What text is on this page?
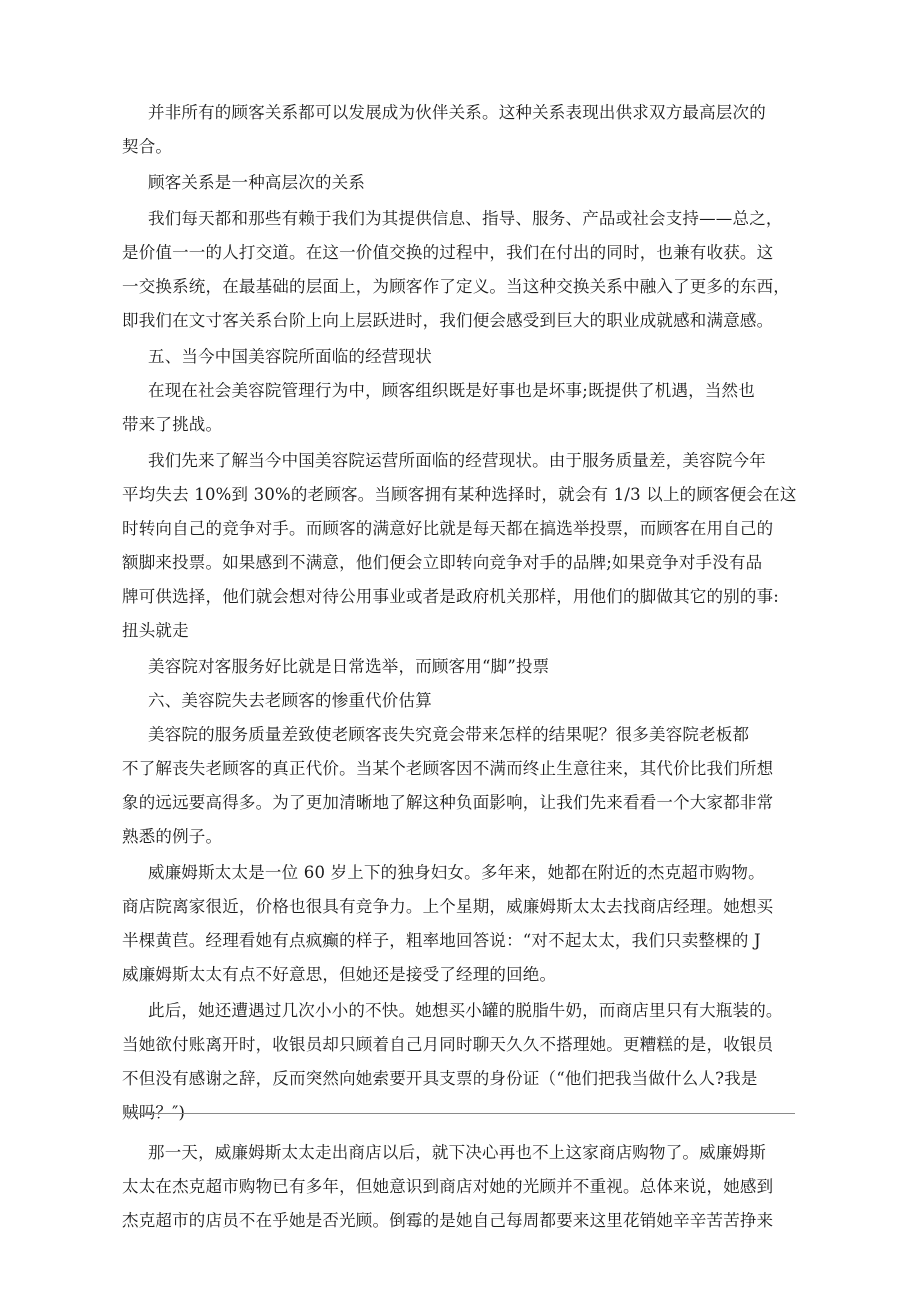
并非所有的顾客关系都可以发展成为伙伴关系。这种关系表现出供求双方最高层次的
契合。
顾客关系是一种高层次的关系
我们每天都和那些有赖于我们为其提供信息、指导、服务、产品或社会支持——总之，
是价值一一的人打交道。在这一价值交换的过程中，我们在付出的同时，也兼有收获。这
一交换系统，在最基础的层面上，为顾客作了定义。当这种交换关系中融入了更多的东西，
即我们在文寸客关系台阶上向上层跃进时，我们便会感受到巨大的职业成就感和满意感。
五、当今中国美容院所面临的经营现状
在现在社会美容院管理行为中，顾客组织既是好事也是坏事;既提供了机遇，当然也
带来了挑战。
我们先来了解当今中国美容院运营所面临的经营现状。由于服务质量差，美容院今年
平均失去 10%到 30%的老顾客。当顾客拥有某种选择时，就会有 1/3 以上的顾客便会在这
时转向自己的竞争对手。而顾客的满意好比就是每天都在搞选举投票，而顾客在用自己的
额脚来投票。如果感到不满意，他们便会立即转向竞争对手的品牌;如果竞争对手没有品
牌可供选择，他们就会想对待公用事业或者是政府机关那样，用他们的脚做其它的别的事:
扭头就走
美容院对客服务好比就是日常选举，而顾客用“脚”投票
六、美容院失去老顾客的惨重代价估算
美容院的服务质量差致使老顾客丧失究竟会带来怎样的结果呢？很多美容院老板都
不了解丧失老顾客的真正代价。当某个老顾客因不满而终止生意往来，其代价比我们所想
象的远远要高得多。为了更加清晰地了解这种负面影响，让我们先来看看一个大家都非常
熟悉的例子。
威廉姆斯太太是一位 60 岁上下的独身妇女。多年来，她都在附近的杰克超市购物。
商店院离家很近，价格也很具有竞争力。上个星期，威廉姆斯太太去找商店经理。她想买
半棵黄苣。经理看她有点疯癫的样子，粗率地回答说：“对不起太太，我们只卖整棵的 J
威廉姆斯太太有点不好意思，但她还是接受了经理的回绝。
此后，她还遭遇过几次小小的不快。她想买小罐的脱脂牛奶，而商店里只有大瓶装的。
当她欲付账离开时，收银员却只顾着自己月同时聊天久久不搭理她。更糟糕的是，收银员
不但没有感谢之辞，反而突然向她索要开具支票的身份证（“他们把我当做什么人?我是
贼吗？″)
那一天，威廉姆斯太太走出商店以后，就下决心再也不上这家商店购物了。威廉姆斯
太太在杰克超市购物已有多年，但她意识到商店对她的光顾并不重视。总体来说，她感到
杰克超市的店员不在乎她是否光顾。倒霉的是她自己每周都要来这里花销她辛辛苦苦挣来
